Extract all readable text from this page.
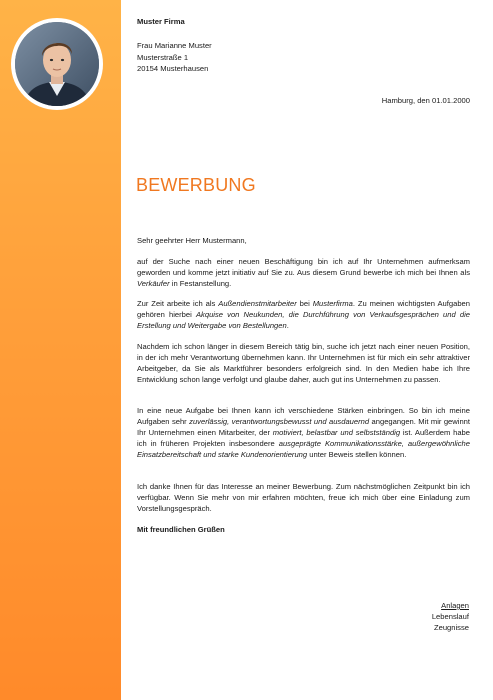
Muster Firma
Frau Marianne Muster
Musterstraße 1
20154 Musterhausen
Hamburg, den 01.01.2000
BEWERBUNG
Sehr geehrter Herr Mustermann,
auf der Suche nach einer neuen Beschäftigung bin ich auf Ihr Unternehmen aufmerksam geworden und komme jetzt initiativ auf Sie zu. Aus diesem Grund bewerbe ich mich bei Ihnen als Verkäufer in Festanstellung.
Zur Zeit arbeite ich als Außendienstmitarbeiter bei Musterfirma. Zu meinen wichtigsten Aufgaben gehören hierbei Akquise von Neukunden, die Durchführung von Verkaufsgesprächen und die Erstellung und Weitergabe von Bestellungen.
Nachdem ich schon länger in diesem Bereich tätig bin, suche ich jetzt nach einer neuen Position, in der ich mehr Verantwortung übernehmen kann. Ihr Unternehmen ist für mich ein sehr attraktiver Arbeitgeber, da Sie als Marktführer besonders erfolgreich sind. In den Medien habe ich Ihre Entwicklung schon lange verfolgt und glaube daher, auch gut ins Unternehmen zu passen.
In eine neue Aufgabe bei Ihnen kann ich verschiedene Stärken einbringen. So bin ich meine Aufgaben sehr zuverlässig, verantwortungsbewusst und ausdauernd angegangen. Mit mir gewinnt Ihr Unternehmen einen Mitarbeiter, der motiviert, belastbar und selbstständig ist. Außerdem habe ich in früheren Projekten insbesondere ausgeprägte Kommunikationsstärke, außergewöhnliche Einsatzbereitschaft und starke Kundenorientierung unter Beweis stellen können.
Ich danke Ihnen für das Interesse an meiner Bewerbung. Zum nächstmöglichen Zeitpunkt bin ich verfügbar. Wenn Sie mehr von mir erfahren möchten, freue ich mich über eine Einladung zum Vorstellungsgespräch.
Mit freundlichen Grüßen
Anlagen
Lebenslauf
Zeugnisse
